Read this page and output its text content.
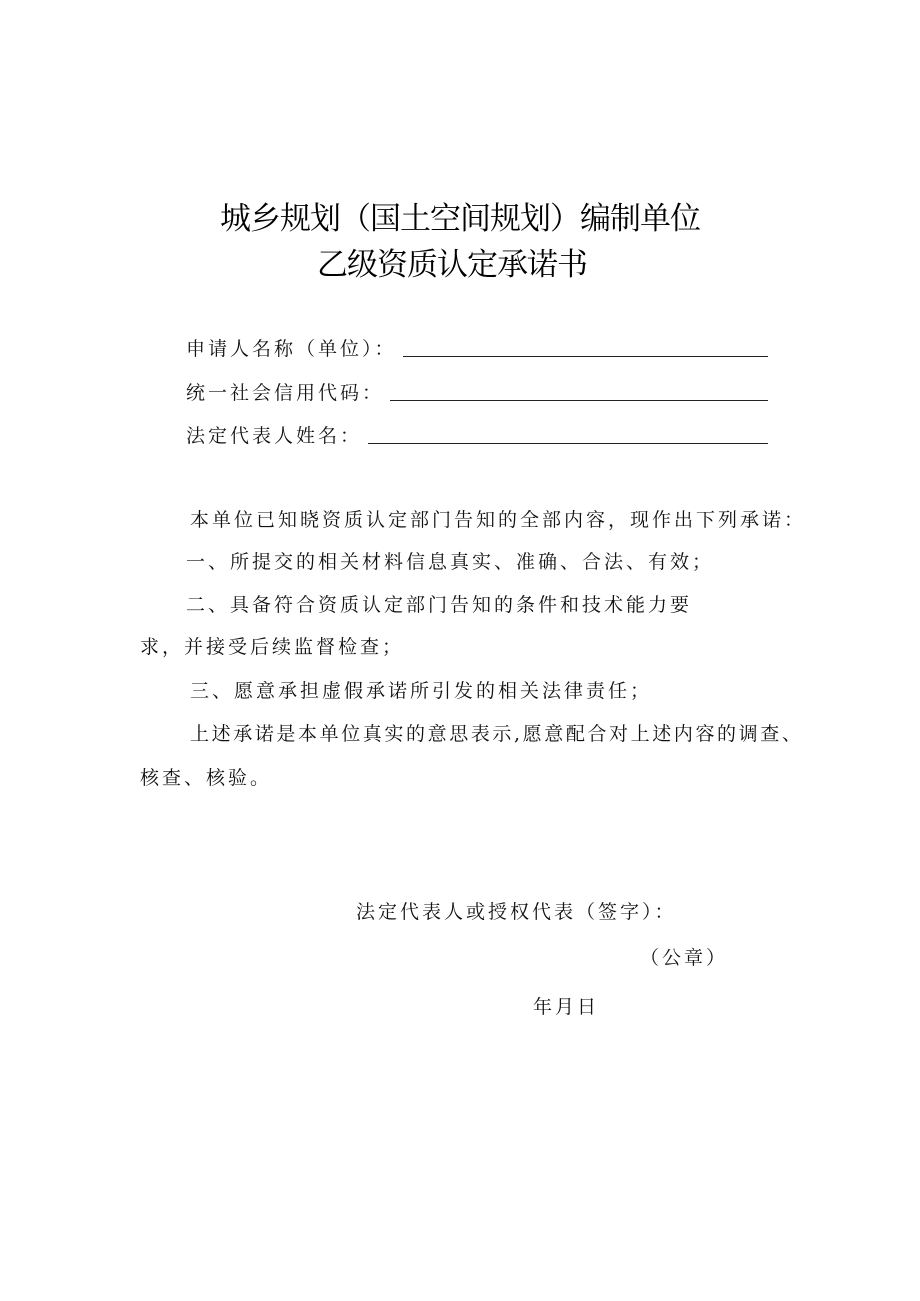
城乡规划（国土空间规划）编制单位
乙级资质认定承诺书
申请人名称（单位）：
统一社会信用代码：
法定代表人姓名：
本单位已知晓资质认定部门告知的全部内容，现作出下列承诺：
一、所提交的相关材料信息真实、准确、合法、有效；
二、具备符合资质认定部门告知的条件和技术能力要
求，并接受后续监督检查；
三、愿意承担虚假承诺所引发的相关法律责任；
上述承诺是本单位真实的意思表示,愿意配合对上述内容的调查、
核查、核验。
法定代表人或授权代表（签字）：
（公章）
年月日
